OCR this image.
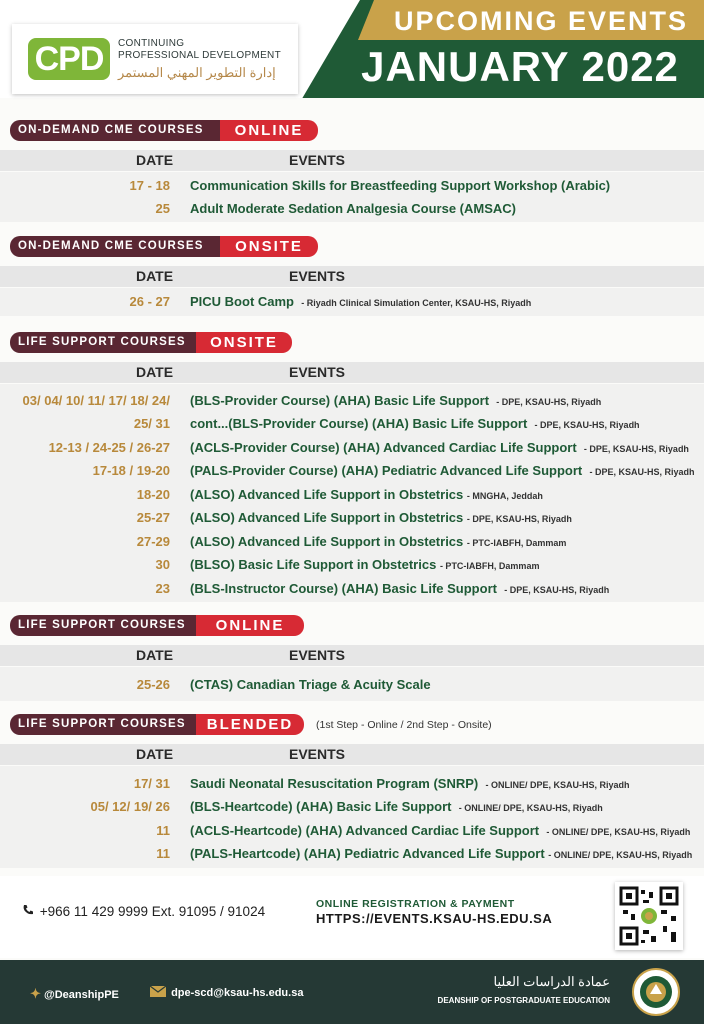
UPCOMING EVENTS
JANUARY 2022
CPD	CONTINUING
PROFESSIONAL DEVELOPMENT
إدارة التطوير المهني المستمر
ON-DEMAND CME COURSES	ONLINE
DATE	EVENTS
17 - 18 Communication Skills for Breastfeeding Support Workshop (Arabic)
25 Adult Moderate Sedation Analgesia Course (AMSAC)
ON-DEMAND CME COURSES	ONSITE
DATE	EVENTS
26 - 27 PICU Boot Camp - Riyadh Clinical Simulation Center, KSAU-HS, Riyadh
LIFE SUPPORT COURSES	ONSITE
DATE	EVENTS
03/ 04/ 10/ 11/ 17/ 18/ 24/ (BLS-Provider Course) (AHA) Basic Life Support - DPE, KSAU-HS, Riyadh
25/ 31 cont...(BLS-Provider Course) (AHA) Basic Life Support - DPE, KSAU-HS, Riyadh
12-13 / 24-25 / 26-27 (ACLS-Provider Course) (AHA) Advanced Cardiac Life Support - DPE, KSAU-HS, Riyadh
17-18 / 19-20 (PALS-Provider Course) (AHA) Pediatric Advanced Life Support - DPE, KSAU-HS, Riyadh
18-20 (ALSO) Advanced Life Support in Obstetrics - MNGHA, Jeddah
25-27 (ALSO) Advanced Life Support in Obstetrics - DPE, KSAU-HS, Riyadh
27-29 (ALSO) Advanced Life Support in Obstetrics - PTC-IABFH, Dammam
30 (BLSO) Basic Life Support in Obstetrics - PTC-IABFH, Dammam
23 (BLS-Instructor Course) (AHA) Basic Life Support - DPE, KSAU-HS, Riyadh
LIFE SUPPORT COURSES	ONLINE
DATE	EVENTS
25-26 (CTAS) Canadian Triage & Acuity Scale
LIFE SUPPORT COURSES	BLENDED	(1st Step - Online / 2nd Step - Onsite)
DATE	EVENTS
17/ 31 Saudi Neonatal Resuscitation Program (SNRP) - ONLINE/ DPE, KSAU-HS, Riyadh
05/ 12/ 19/ 26 (BLS-Heartcode) (AHA) Basic Life Support - ONLINE/ DPE, KSAU-HS, Riyadh
11 (ACLS-Heartcode) (AHA) Advanced Cardiac Life Support - ONLINE/ DPE, KSAU-HS, Riyadh
11 (PALS-Heartcode) (AHA) Pediatric Advanced Life Support - ONLINE/ DPE, KSAU-HS, Riyadh
+966 11 429 9999 Ext. 91095 / 91024	ONLINE REGISTRATION & PAYMENT
HTTPS://EVENTS.KSAU-HS.EDU.SA
✦ @DeanshipPE	dpe-scd@ksau-hs.edu.sa
عمادة الدراسات العليا
DEANSHIP OF POSTGRADUATE EDUCATION
